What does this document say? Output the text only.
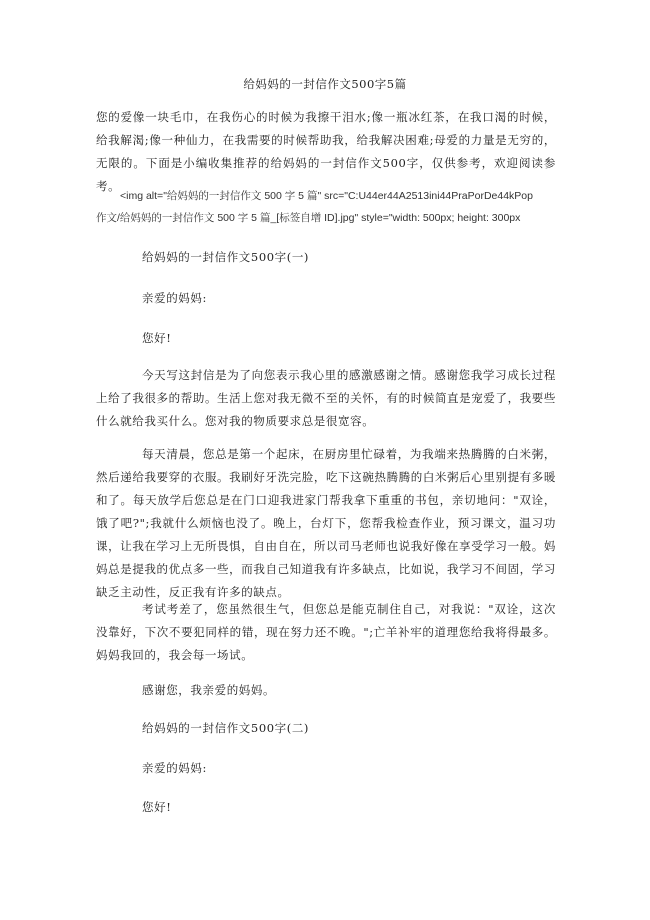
给妈妈的一封信作文500字5篇
您的爱像一块毛巾，在我伤心的时候为我擦干泪水;像一瓶冰红茶，在我口渴的时候，给我解渴;像一种仙力，在我需要的时候帮助我，给我解决困难;母爱的力量是无穷的，无限的。下面是小编收集推荐的给妈妈的一封信作文500字，仅供参考，欢迎阅读参考。
<img alt="给妈妈的一封信作文 500 字 5 篇" src="C:U44er44A2513ini44PraPorDe44kPop
作文/给妈妈的一封信作文 500 字 5 篇_[标签自增 ID].jpg" style="width: 500px; height: 300px
给妈妈的一封信作文500字(一)
亲爱的妈妈:
您好!
今天写这封信是为了向您表示我心里的感激感谢之情。感谢您我学习成长过程上给了我很多的帮助。生活上您对我无微不至的关怀，有的时候简直是宠爱了，我要些什么就给我买什么。您对我的物质要求总是很宽容。
每天清晨，您总是第一个起床，在厨房里忙碌着，为我端来热腾腾的白米粥，然后递给我要穿的衣服。我刷好牙洗完脸，吃下这碗热腾腾的白米粥后心里别提有多暖和了。每天放学后您总是在门口迎我进家门帮我拿下重重的书包，亲切地问："双诠，饿了吧?";我就什么烦恼也没了。晚上，台灯下，您帮我检查作业，预习课文，温习功课，让我在学习上无所畏惧，自由自在，所以司马老师也说我好像在享受学习一般。妈妈总是提我的优点多一些，而我自己知道我有许多缺点，比如说，我学习不间固，学习缺乏主动性，反正我有许多的缺点。
考试考差了，您虽然很生气，但您总是能克制住自己，对我说："双诠，这次没靠好，下次不要犯同样的错，现在努力还不晚。";亡羊补牢的道理您给我将得最多。妈妈我回的，我会每一场试。
感谢您，我亲爱的妈妈。
给妈妈的一封信作文500字(二)
亲爱的妈妈:
您好!
